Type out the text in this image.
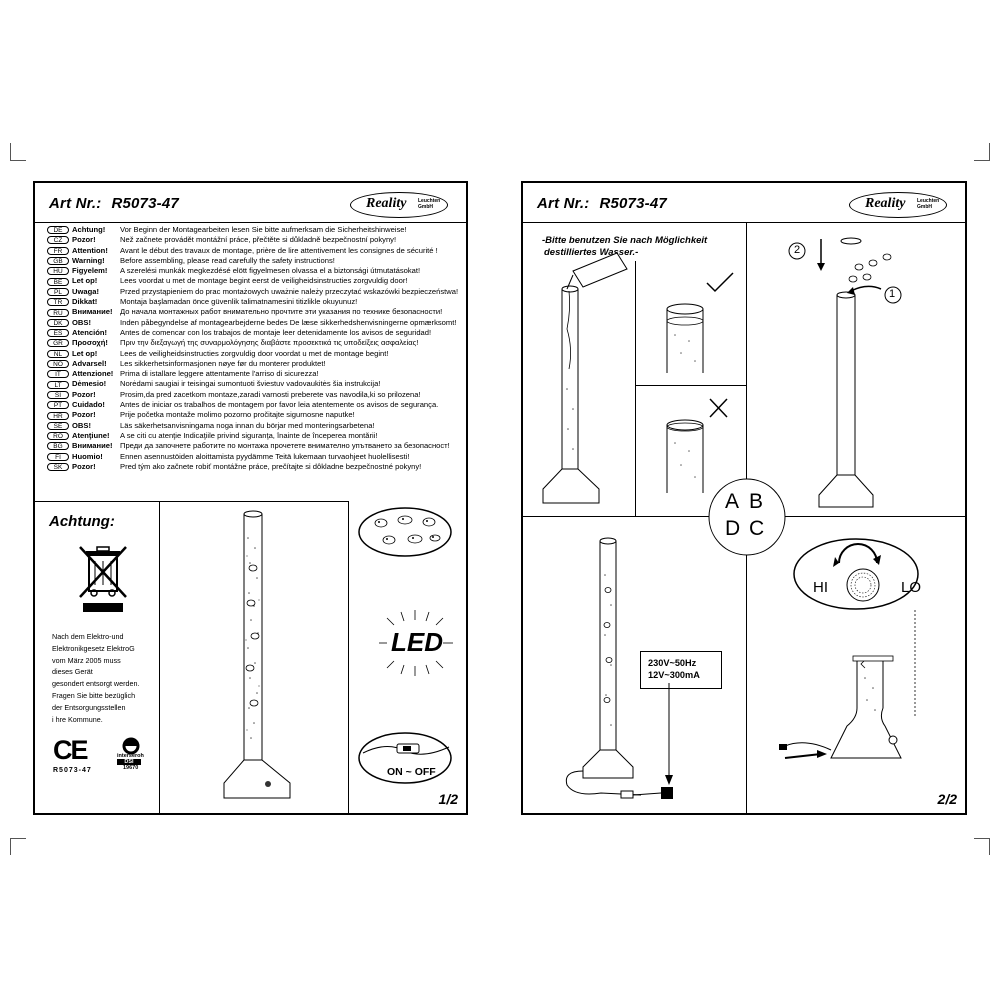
Art Nr.: R5073-47	Reality Leuchten
GmbH
DE Achtung! Vor Beginn der Montagearbeiten lesen Sie bitte aufmerksam die Sicherheitshinweise!
CZ Pozor!	Než začnete provádět montážní práce, přečtěte si důkladně bezpečnostní pokyny!
FR Attention! Avant le début des travaux de montage, prière de lire attentivement les consignes de sécurité !
GB Warning! Before assembling, please read carefully the safety instructions!
HU Figyelem! A szerelési munkák megkezdésé elött figyelmesen olvassa el a biztonsági útmutatásokat!
BE Let op!	Lees voordat u met de montage begint eerst de veiligheidsinstructies zorgvuldig door!
PL Uwaga!	Przed przystąpieniem do prac montażowych uważnie należy przeczytać wskazówki bezpieczeństwa!
TR Dikkat!	Montaja başlamadan önce güvenlik talimatnamesini titizlikle okuyunuz!
RU Внимание! До начала монтажных работ внимательно прочтите эти указания по технике безопасности!
DK OBS!	Inden påbegyndelse af montagearbejderne bedes De læse sikkerhedshenvisningerne opmærksomt!
ES Atención! Antes de comencar con los trabajos de montaje leer detenidamente los avisos de seguridad!
GR Προσοχή! Πριν την διεξαγωγή της συναρμολόγησης διαβάστε προσεκτικά τις υποδείξεις ασφαλείας!
NL Let op!	Lees de veiligheidsinstructies zorgvuldig door voordat u met de montage begint!
NO Advarsel! Les sikkerhetsinformasjonen nøye før du monterer produktet!
IT Attenzione! Prima di istallare leggere attentamente l'arriso di sicurezza!
LT Dėmesio! Norėdami saugiai ir teisingai sumontuoti šviestuv vadovaukitės šia instrukcija!
SI Pozor!	Prosim,da pred zacetkom montaze,zaradi varnosti preberete vas navodila,ki so prilozena!
PT Cuidado! Antes de iniciar os trabalhos de montagem por favor leia atentemente os avisos de segurança.
HR Pozor!	Prije početka montaže molimo pozorno pročitajte sigurnosne naputke!
SE OBS!	Läs säkerhetsanvisningama noga innan du börjar med monteringsarbetena!
RO Atenţiune! A se citi cu atenţie Indicaţiile privind siguranţa, înainte de începerea montării!
BG Внимание! Преди да започнете работите по монтажа прочетете внимателно упътването за безопасност!
FI Huomio! Ennen asennustöiden aloittamista pyydämme Teitä lukemaan turvaohjeet huolellisesti!
SK Pozor!	Pred tým ako začnete robiť montážne práce, prečítajte si dôkladne bezpečnostné pokyny!
Achtung:
Nach dem Elektro-und
Elektronikgesetz ElektroG
vom März 2005 muss
dieses Gerät
gesondert entsorgt werden.
Fragen Sie bitte bezüglich
der Entsorgungsstellen
i hre Kommune.
CE
R5073-47
interseroh
DSI
19670
LED
ON ~ OFF
1/2
Art Nr.: R5073-47	Reality Leuchten
GmbH
-Bitte benutzen Sie nach Möglichkeit
destilliertes Wasser.-	2
1
A B
D C
230V~50Hz
12V~300mA
HI	LO
2/2
